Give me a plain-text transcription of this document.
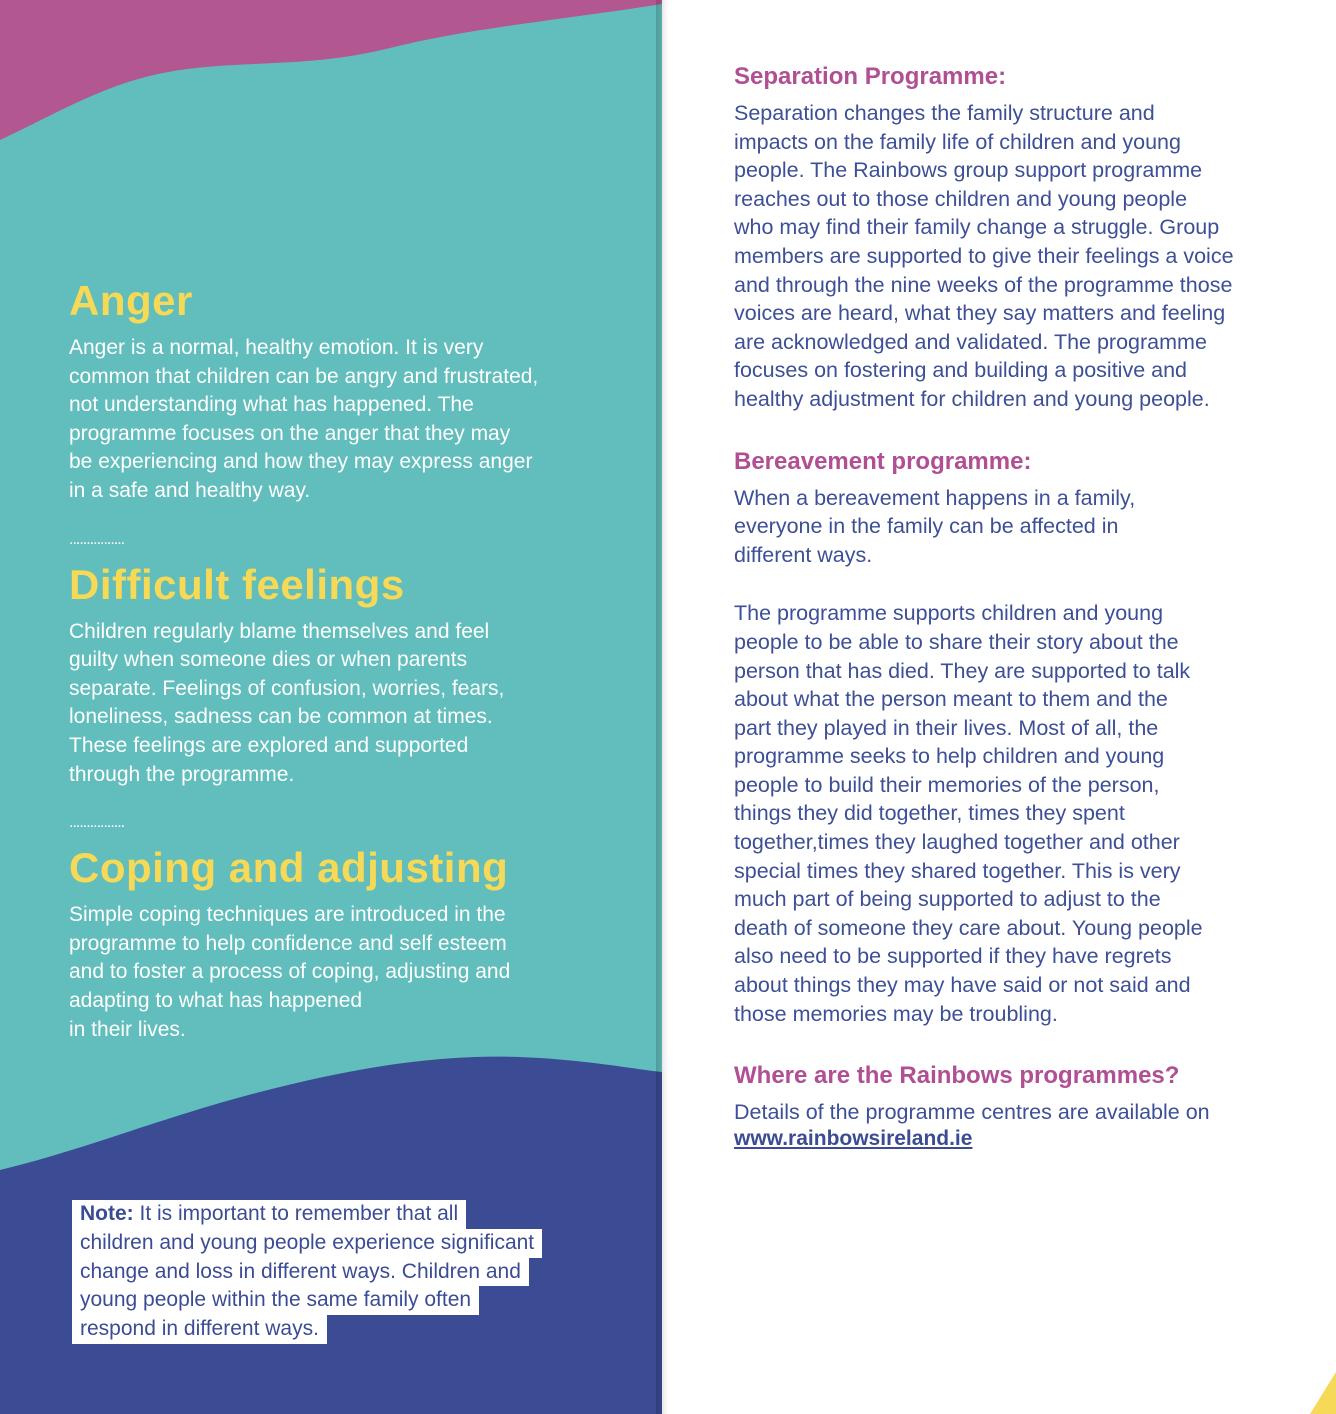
Anger

Anger is a normal, healthy emotion. It is very
common that children can be angry and frustrated,
not understanding what has happened. The
programme focuses on the anger that they may
be experiencing and how they may express anger
in a safe and healthy way.

................
Difficult feelings

Children regularly blame themselves and feel
guilty when someone dies or when parents
separate. Feelings of confusion, worries, fears,
loneliness, sadness can be common at times.
These feelings are explored and supported
through the programme.

................
Coping and adjusting

Simple coping techniques are introduced in the
programme to help confidence and self esteem
and to foster a process of coping, adjusting and
adapting to what has happened
in their lives.

Note: It is important to remember that all
children and young people experience significant
change and loss in different ways. Children and
young people within the same family often
respond in different ways.
Separation Programme:

Separation changes the family structure and
impacts on the family life of children and young
people. The Rainbows group support programme
reaches out to those children and young people
who may find their family change a struggle. Group
members are supported to give their feelings a voice
and through the nine weeks of the programme those
voices are heard, what they say matters and feeling
are acknowledged and validated. The programme
focuses on fostering and building a positive and
healthy adjustment for children and young people.

Bereavement programme:

When a bereavement happens in a family,
everyone in the family can be affected in
different ways.

The programme supports children and young
people to be able to share their story about the
person that has died. They are supported to talk
about what the person meant to them and the
part they played in their lives. Most of all, the
programme seeks to help children and young
people to build their memories of the person,
things they did together, times they spent
together,times they laughed together and other
special times they shared together. This is very
much part of being supported to adjust to the
death of someone they care about. Young people
also need to be supported if they have regrets
about things they may have said or not said and
those memories may be troubling.

Where are the Rainbows programmes?

Details of the programme centres are available on

www.rainbowsireland.ie
